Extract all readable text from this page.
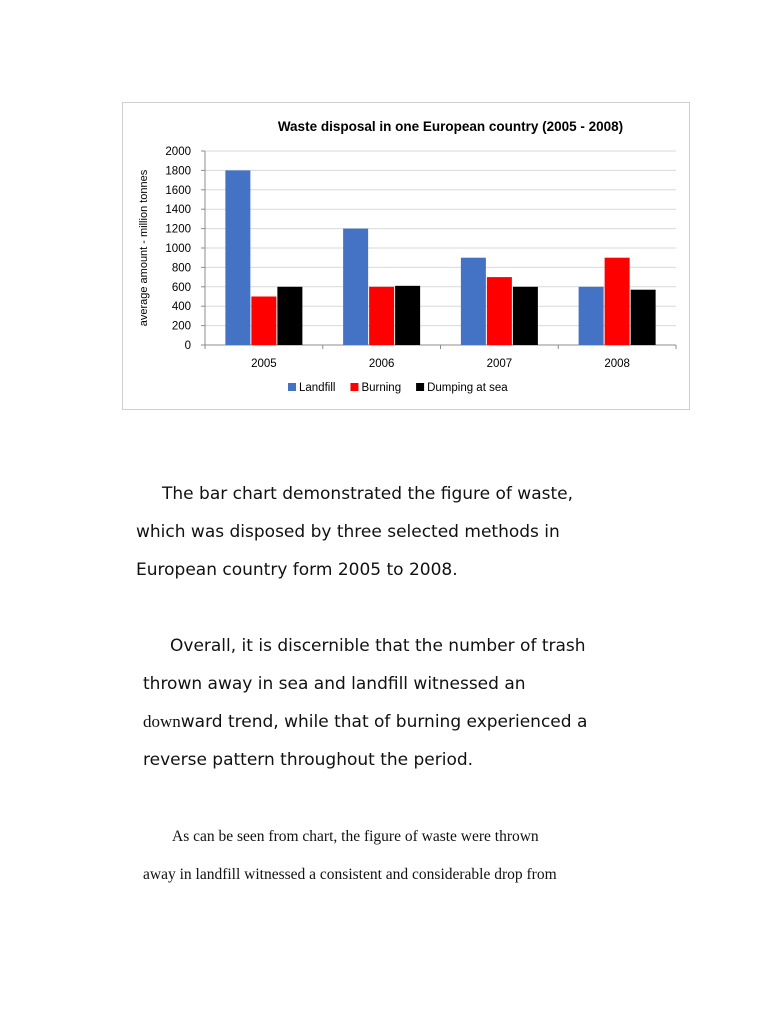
Waste disposal in one European country (2005 - 2008)
0
200
400
600
800
1000
1200
1400
1600
1800
2000
average amount - million tonnes
2005	2006	2007	2008
Landfill Burning Dumping at sea

The bar chart demonstrated the figure of waste,

which was disposed by three selected methods in

European country form 2005 to 2008.

Overall, it is discernible that the number of trash

thrown away in sea and landfill witnessed an

downward trend, while that of burning experienced a

reverse pattern throughout the period.

As can be seen from chart, the figure of waste were thrown

away in landfill witnessed a consistent and considerable drop from
